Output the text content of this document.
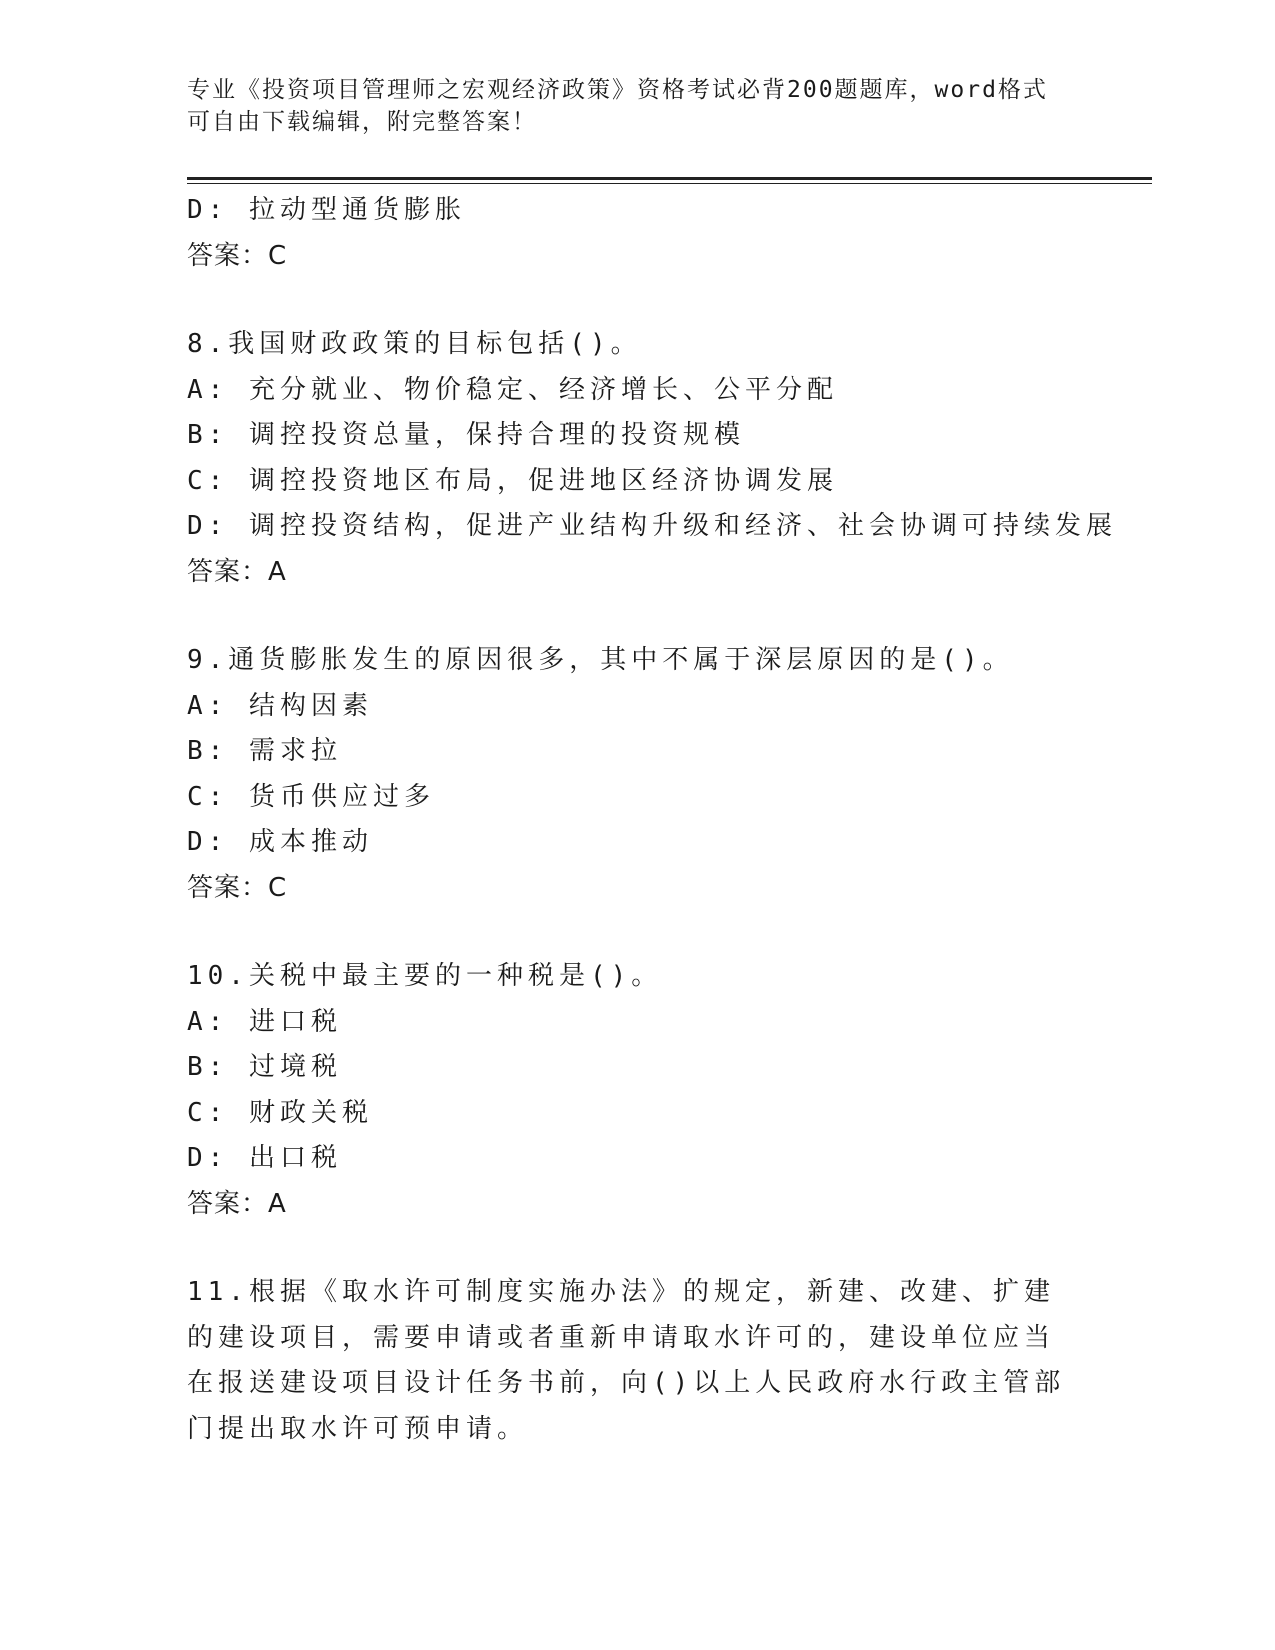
专业《投资项目管理师之宏观经济政策》资格考试必背200题题库，word格式可自由下载编辑，附完整答案！
D: 拉动型通货膨胀
答案：C
8.我国财政政策的目标包括()。
A: 充分就业、物价稳定、经济增长、公平分配
B: 调控投资总量，保持合理的投资规模
C: 调控投资地区布局，促进地区经济协调发展
D: 调控投资结构，促进产业结构升级和经济、社会协调可持续发展
答案：A
9.通货膨胀发生的原因很多，其中不属于深层原因的是()。
A: 结构因素
B: 需求拉
C: 货币供应过多
D: 成本推动
答案：C
10.关税中最主要的一种税是()。
A: 进口税
B: 过境税
C: 财政关税
D: 出口税
答案：A
11.根据《取水许可制度实施办法》的规定，新建、改建、扩建的建设项目，需要申请或者重新申请取水许可的，建设单位应当在报送建设项目设计任务书前，向()以上人民政府水行政主管部门提出取水许可预申请。
